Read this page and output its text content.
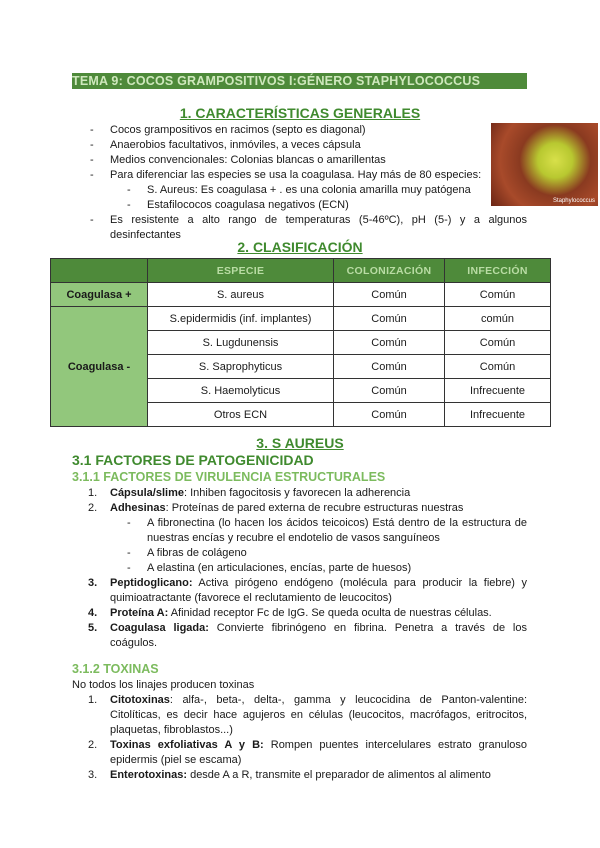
TEMA 9: COCOS GRAMPOSITIVOS I:GÉNERO STAPHYLOCOCCUS
1. CARACTERÍSTICAS GENERALES
Staphylococcus
- Cocos grampositivos en racimos (septo es diagonal)
- Anaerobios facultativos, inmóviles, a veces cápsula
- Medios convencionales: Colonias blancas o amarillentas
- Para diferenciar las especies se usa la coagulasa. Hay más de 80 especies:
- S. Aureus: Es coagulasa + . es una colonia amarilla muy patógena
- Estafilococos coagulasa negativos (ECN)
- Es resistente a alto rango de temperaturas (5-46ºC), pH (5-) y a algunos desinfectantes
2. CLASIFICACIÓN
	ESPECIE	COLONIZACIÓN	INFECCIÓN
Coagulasa +	S. aureus	Común	Común
Coagulasa -	S.epidermidis (inf. implantes)	Común	común
	S. Lugdunensis	Común	Común
	S. Saprophyticus	Común	Común
	S. Haemolyticus	Común	Infrecuente
	Otros ECN	Común	Infrecuente
3. S AUREUS
3.1 FACTORES DE PATOGENICIDAD
3.1.1 FACTORES DE VIRULENCIA ESTRUCTURALES
1. Cápsula/slime: Inhiben fagocitosis y favorecen la adherencia
2. Adhesinas: Proteínas de pared externa de recubre estructuras nuestras
- A fibronectina (lo hacen los ácidos teicoicos) Está dentro de la estructura de nuestras encías y recubre el endotelio de vasos sanguíneos
- A fibras de colágeno
- A elastina (en articulaciones, encías, parte de huesos)
3. Peptidoglicano: Activa pirógeno endógeno (molécula para producir la fiebre) y quimioatractante (favorece el reclutamiento de leucocitos)
4. Proteína A: Afinidad receptor Fc de IgG. Se queda oculta de nuestras células.
5. Coagulasa ligada: Convierte fibrinógeno en fibrina. Penetra a través de los coágulos.
3.1.2 TOXINAS
No todos los linajes producen toxinas
1. Citotoxinas: alfa-, beta-, delta-, gamma y leucocidina de Panton-valentine: Citolíticas, es decir hace agujeros en células (leucocitos, macrófagos, eritrocitos, plaquetas, fibroblastos...)
2. Toxinas exfoliativas A y B: Rompen puentes intercelulares estrato granuloso epidermis (piel se escama)
3. Enterotoxinas: desde A a R, transmite el preparador de alimentos al alimento
